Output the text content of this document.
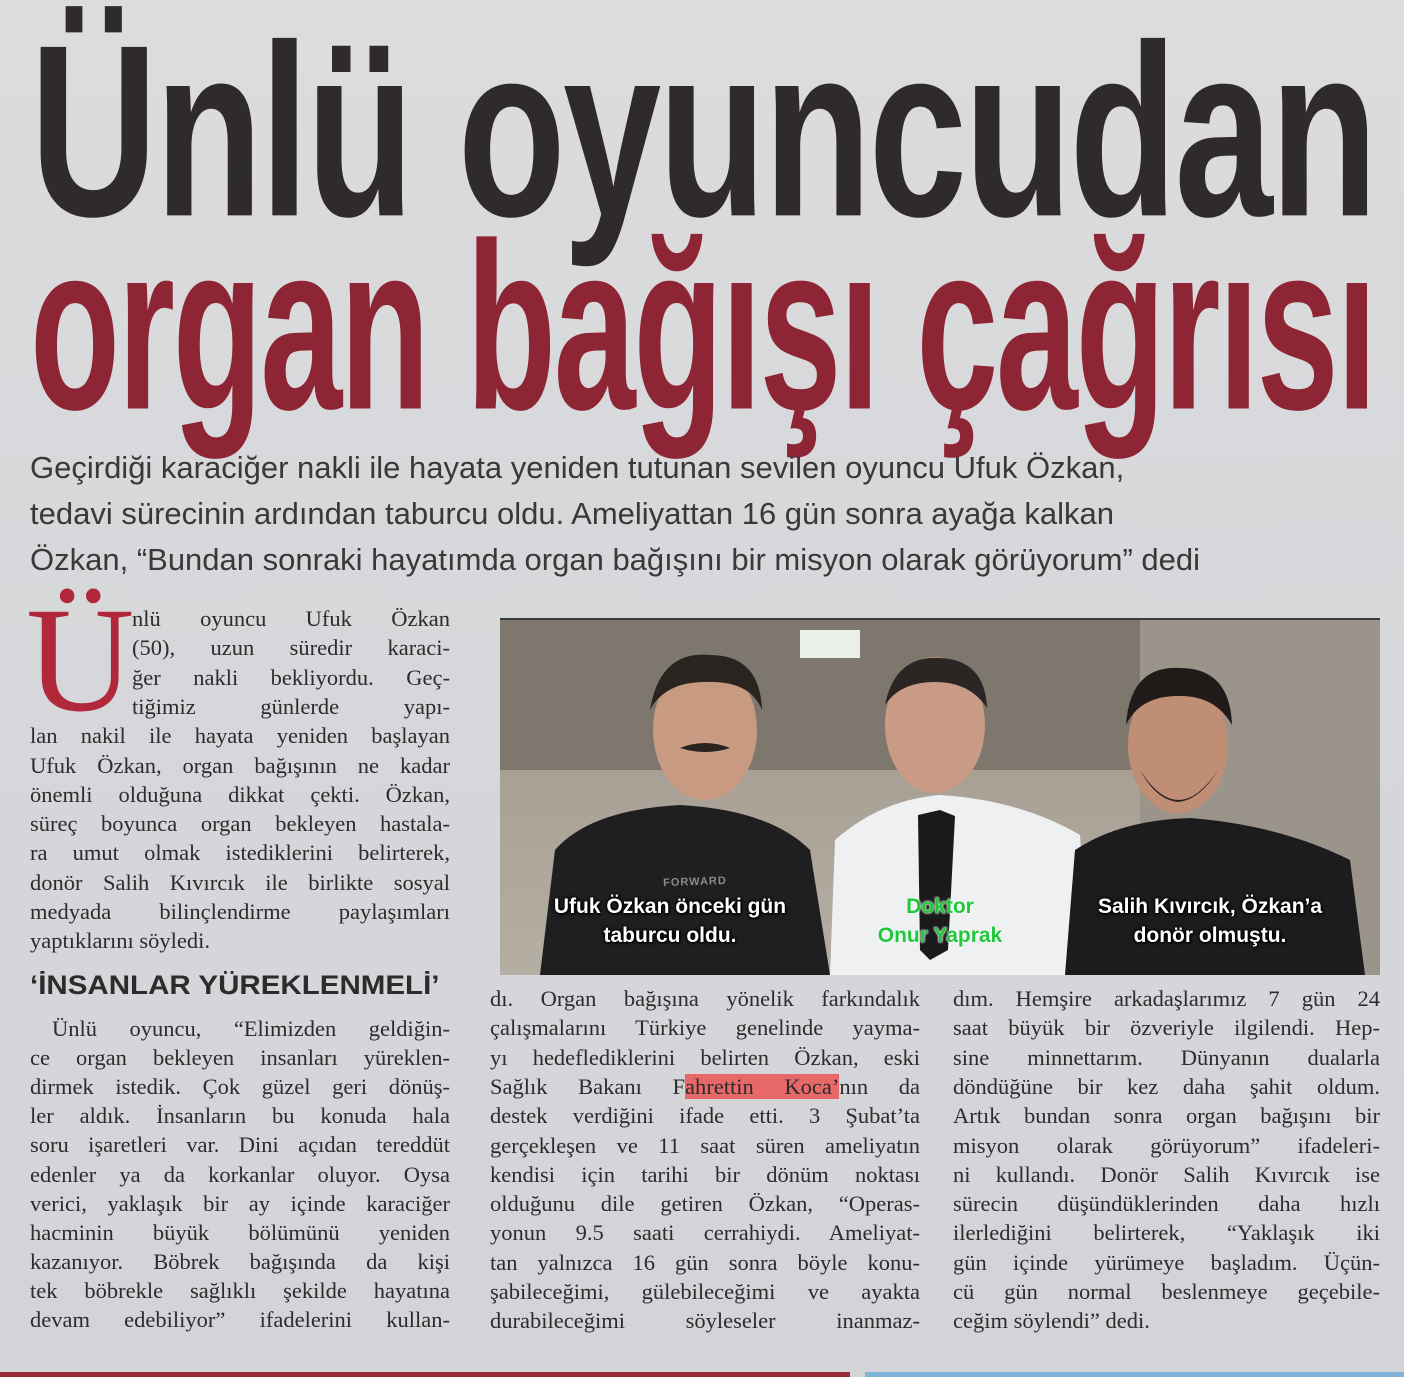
Ünlü oyuncudan
organ bağışı çağrısı
Geçirdiği karaciğer nakli ile hayata yeniden tutunan sevilen oyuncu Ufuk Özkan,
tedavi sürecinin ardından taburcu oldu. Ameliyattan 16 gün sonra ayağa kalkan
Özkan, “Bundan sonraki hayatımda organ bağışını bir misyon olarak görüyorum” dedi
Ü
nlü oyuncu Ufuk Özkan
(50), uzun süredir karaci-
ğer nakli bekliyordu. Geç-
tiğimiz günlerde yapı-
lan nakil ile hayata yeniden başlayan
Ufuk Özkan, organ bağışının ne kadar
önemli olduğuna dikkat çekti. Özkan,
süreç boyunca organ bekleyen hastala-
ra umut olmak istediklerini belirterek,
donör Salih Kıvırcık ile birlikte sosyal
medyada bilinçlendirme paylaşımları
yaptıklarını söyledi.
‘İNSANLAR YÜREKLENMELİ’
Ünlü oyuncu, “Elimizden geldiğin-
ce organ bekleyen insanları yüreklen-
dirmek istedik. Çok güzel geri dönüş-
ler aldık. İnsanların bu konuda hala
soru işaretleri var. Dini açıdan tereddüt
edenler ya da korkanlar oluyor. Oysa
verici, yaklaşık bir ay içinde karaciğer
hacminin büyük bölümünü yeniden
kazanıyor. Böbrek bağışında da kişi
tek böbrekle sağlıklı şekilde hayatına
devam edebiliyor” ifadelerini kullan-
dı. Organ bağışına yönelik farkındalık
çalışmalarını Türkiye genelinde yayma-
yı hedeflediklerini belirten Özkan, eski
Sağlık Bakanı Fahrettin Koca’nın da
destek verdiğini ifade etti. 3 Şubat’ta
gerçekleşen ve 11 saat süren ameliyatın
kendisi için tarihi bir dönüm noktası
olduğunu dile getiren Özkan, “Operas-
yonun 9.5 saati cerrahiydi. Ameliyat-
tan yalnızca 16 gün sonra böyle konu-
şabileceğimi, gülebileceğimi ve ayakta
durabileceğimi söyleseler inanmaz-
dım. Hemşire arkadaşlarımız 7 gün 24
saat büyük bir özveriyle ilgilendi. Hep-
sine minnettarım. Dünyanın dualarla
döndüğüne bir kez daha şahit oldum.
Artık bundan sonra organ bağışını bir
misyon olarak görüyorum” ifadeleri-
ni kullandı. Donör Salih Kıvırcık ise
sürecin düşündüklerinden daha hızlı
ilerlediğini belirterek, “Yaklaşık iki
gün içinde yürümeye başladım. Üçün-
cü gün normal beslenmeye geçebile-
ceğim söylendi” dedi.
FORWARD
Ufuk Özkan önceki gün
taburcu oldu.
Doktor
Onur Yaprak
Salih Kıvırcık, Özkan’a
donör olmuştu.
